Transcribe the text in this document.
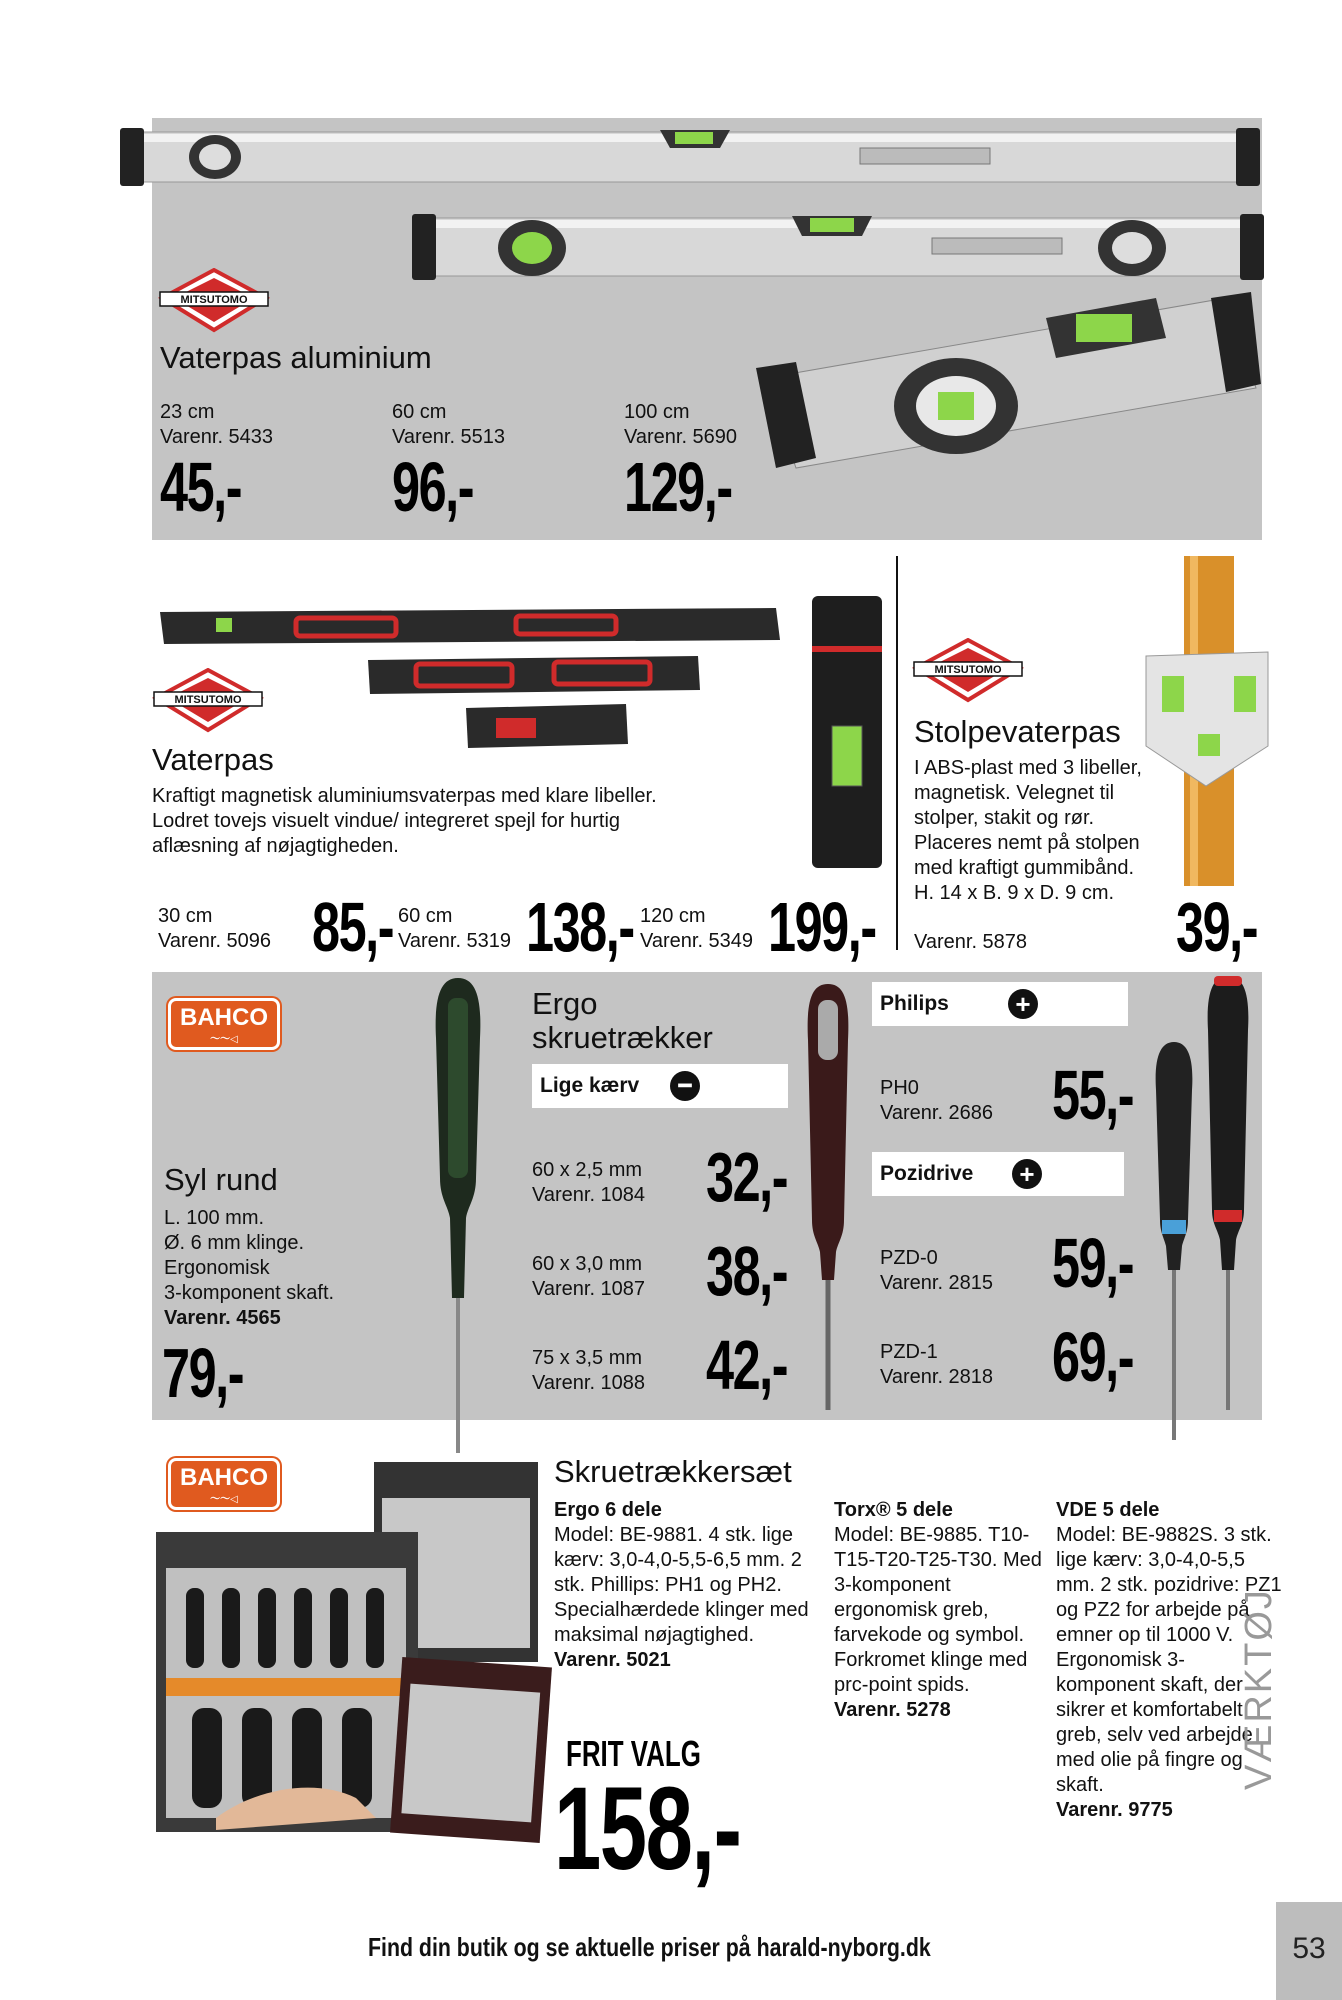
MITSUTOMO
Vaterpas aluminium
23 cm
Varenr. 5433
45,-
60 cm
Varenr. 5513
96,-
100 cm
Varenr. 5690
129,-
MITSUTOMO
Vaterpas
Kraftigt magnetisk aluminiumsvaterpas med klare libeller. Lodret tovejs visuelt vindue/ integreret spejl for hurtig aflæsning af nøjagtigheden.
30 cm
Varenr. 5096 85,- 60 cm
Varenr. 5319 138,- 120 cm
Varenr. 5349 199,-
MITSUTOMO
Stolpevaterpas
I ABS-plast med 3 libeller, magnetisk. Velegnet til stolper, stakit og rør. Placeres nemt på stolpen med kraftigt gummibånd. H. 14 x B. 9 x D. 9 cm.
Varenr. 5878 39,-
BAHCO
〜〜◁
Syl rund
L. 100 mm.
Ø. 6 mm klinge.
Ergonomisk
3-komponent skaft.
Varenr. 4565
79,-
Ergo
skruetrækker
Lige kærv	━
60 x 2,5 mm
Varenr. 1084 32,-
60 x 3,0 mm
Varenr. 1087 38,-
75 x 3,5 mm
Varenr. 1088 42,-
Philips	+
PH0
Varenr. 2686 55,-
Pozidrive +
PZD-0
Varenr. 2815 59,-
PZD-1
Varenr. 2818 69,-
BAHCO
〜〜◁
Skruetrækkersæt
Ergo 6 dele
Model: BE-9881. 4 stk. lige kærv: 3,0-4,0-5,5-6,5 mm. 2 stk. Phillips: PH1 og PH2. Specialhærdede klinger med maksimal nøjagtighed.
Varenr. 5021
Torx® 5 dele
Model: BE-9885. T10-T15-T20-T25-T30. Med 3-komponent ergonomisk greb, farvekode og symbol. Forkromet klinge med prc-point spids.
Varenr. 5278
VDE 5 dele
Model: BE-9882S. 3 stk. lige kærv: 3,0-4,0-5,5 mm. 2 stk. pozidrive: PZ1 og PZ2 for arbejde på emner op til 1000 V. Ergonomisk 3-komponent skaft, der sikrer et komfortabelt greb, selv ved arbejde med olie på fingre og skaft.
Varenr. 9775
FRIT VALG
158,-
VÆRKTØJ
Find din butik og se aktuelle priser på harald-nyborg.dk	53
